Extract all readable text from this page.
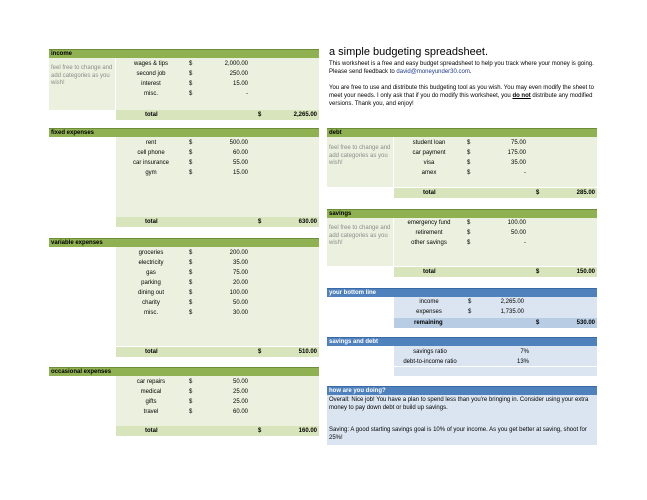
income
feel free to change and add categories as you wish!
wages & tips	$	2,000.00
second job	$	250.00
interest	$	15.00
misc.	$	-
total	$	2,265.00
fixed expenses
rent	$	500.00
cell phone	$	60.00
car insurance	$	55.00
gym	$	15.00
total	$	630.00
variable expenses
groceries	$	200.00
electricity	$	35.00
gas	$	75.00
parking	$	20.00
dining out	$	100.00
charity	$	50.00
misc.	$	30.00
total	$	510.00
occasional expenses
car repairs	$	50.00
medical	$	25.00
gifts	$	25.00
travel	$	60.00
total	$	160.00
a simple budgeting spreadsheet.
This worksheet is a free and easy budget spreadsheet to help you track where your money is going. Please send feedback to david@moneyunder30.com.
You are free to use and distribute this budgeting tool as you wish. You may even modify the sheet to meet your needs. I only ask that if you do modify this worksheet, you do not distribute any modified versions. Thank you, and enjoy!
debt
feel free to change and add categories as you wish!
student loan	$	75.00
car payment	$	175.00
visa	$	35.00
amex	$	-
total	$	285.00
savings
feel free to change and add categories as you wish!
emergency fund	$	100.00
retirement	$	50.00
other savings	$	-
total	$	150.00
your bottom line
income	$	2,265.00
expenses	$	1,735.00
remaining	$	530.00
savings and debt
savings ratio	7%
debt-to-income ratio	13%
how are you doing?
Overall: Nice job! You have a plan to spend less than you're bringing in. Consider using your extra money to pay down debt or build up savings.
Saving: A good starting savings goal is 10% of your income. As you get better at saving, shoot for 25%!
